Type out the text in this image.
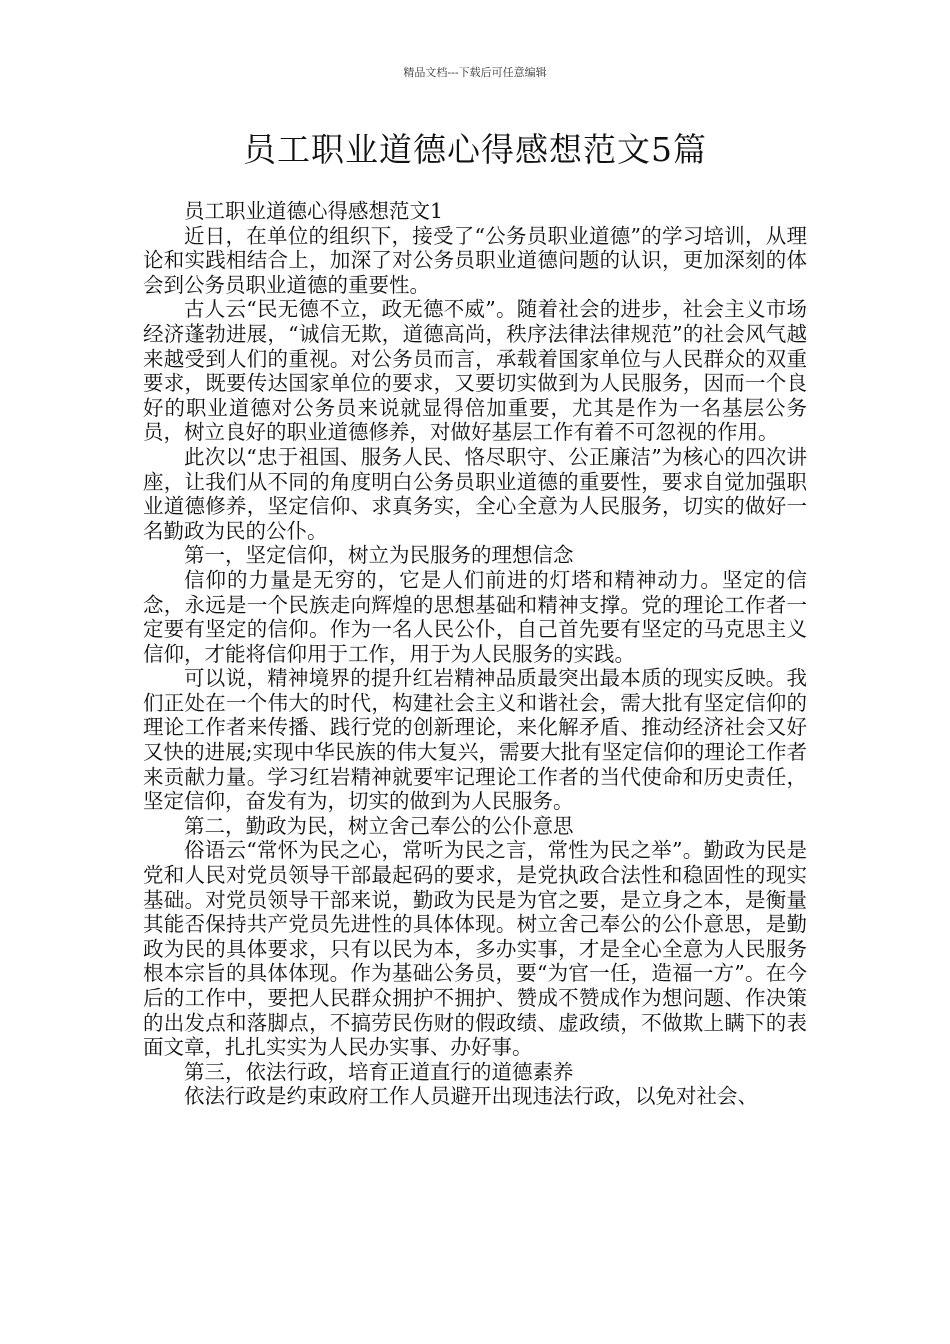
精品文档---下载后可任意编辑
员工职业道德心得感想范文5篇

员工职业道德心得感想范文1

近日，在单位的组织下，接受了“公务员职业道德”的学习培训，从理论和实践相结合上，加深了对公务员职业道德问题的认识，更加深刻的体会到公务员职业道德的重要性。

古人云“民无德不立，政无德不威”。随着社会的进步，社会主义市场经济蓬勃进展，“诚信无欺，道德高尚，秩序法律法律规范”的社会风气越来越受到人们的重视。对公务员而言，承载着国家单位与人民群众的双重要求，既要传达国家单位的要求，又要切实做到为人民服务，因而一个良好的职业道德对公务员来说就显得倍加重要，尤其是作为一名基层公务员，树立良好的职业道德修养，对做好基层工作有着不可忽视的作用。

此次以“忠于祖国、服务人民、恪尽职守、公正廉洁”为核心的四次讲座，让我们从不同的角度明白公务员职业道德的重要性，要求自觉加强职业道德修养，坚定信仰、求真务实，全心全意为人民服务，切实的做好一名勤政为民的公仆。

第一，坚定信仰，树立为民服务的理想信念

信仰的力量是无穷的，它是人们前进的灯塔和精神动力。坚定的信念，永远是一个民族走向辉煌的思想基础和精神支撑。党的理论工作者一定要有坚定的信仰。作为一名人民公仆，自己首先要有坚定的马克思主义信仰，才能将信仰用于工作，用于为人民服务的实践。

可以说，精神境界的提升红岩精神品质最突出最本质的现实反映。我们正处在一个伟大的时代，构建社会主义和谐社会，需大批有坚定信仰的理论工作者来传播、践行党的创新理论，来化解矛盾、推动经济社会又好又快的进展;实现中华民族的伟大复兴，需要大批有坚定信仰的理论工作者来贡献力量。学习红岩精神就要牢记理论工作者的当代使命和历史责任，坚定信仰，奋发有为，切实的做到为人民服务。

第二，勤政为民，树立舍己奉公的公仆意思

俗语云“常怀为民之心，常听为民之言，常性为民之举”。勤政为民是党和人民对党员领导干部最起码的要求，是党执政合法性和稳固性的现实基础。对党员领导干部来说，勤政为民是为官之要，是立身之本，是衡量其能否保持共产党员先进性的具体体现。树立舍己奉公的公仆意思，是勤政为民的具体要求，只有以民为本，多办实事，才是全心全意为人民服务根本宗旨的具体体现。作为基础公务员，要“为官一任，造福一方”。在今后的工作中，要把人民群众拥护不拥护、赞成不赞成作为想问题、作决策的出发点和落脚点，不搞劳民伤财的假政绩、虚政绩，不做欺上瞒下的表面文章，扎扎实实为人民办实事、办好事。

第三，依法行政，培育正道直行的道德素养

依法行政是约束政府工作人员避开出现违法行政，以免对社会、
